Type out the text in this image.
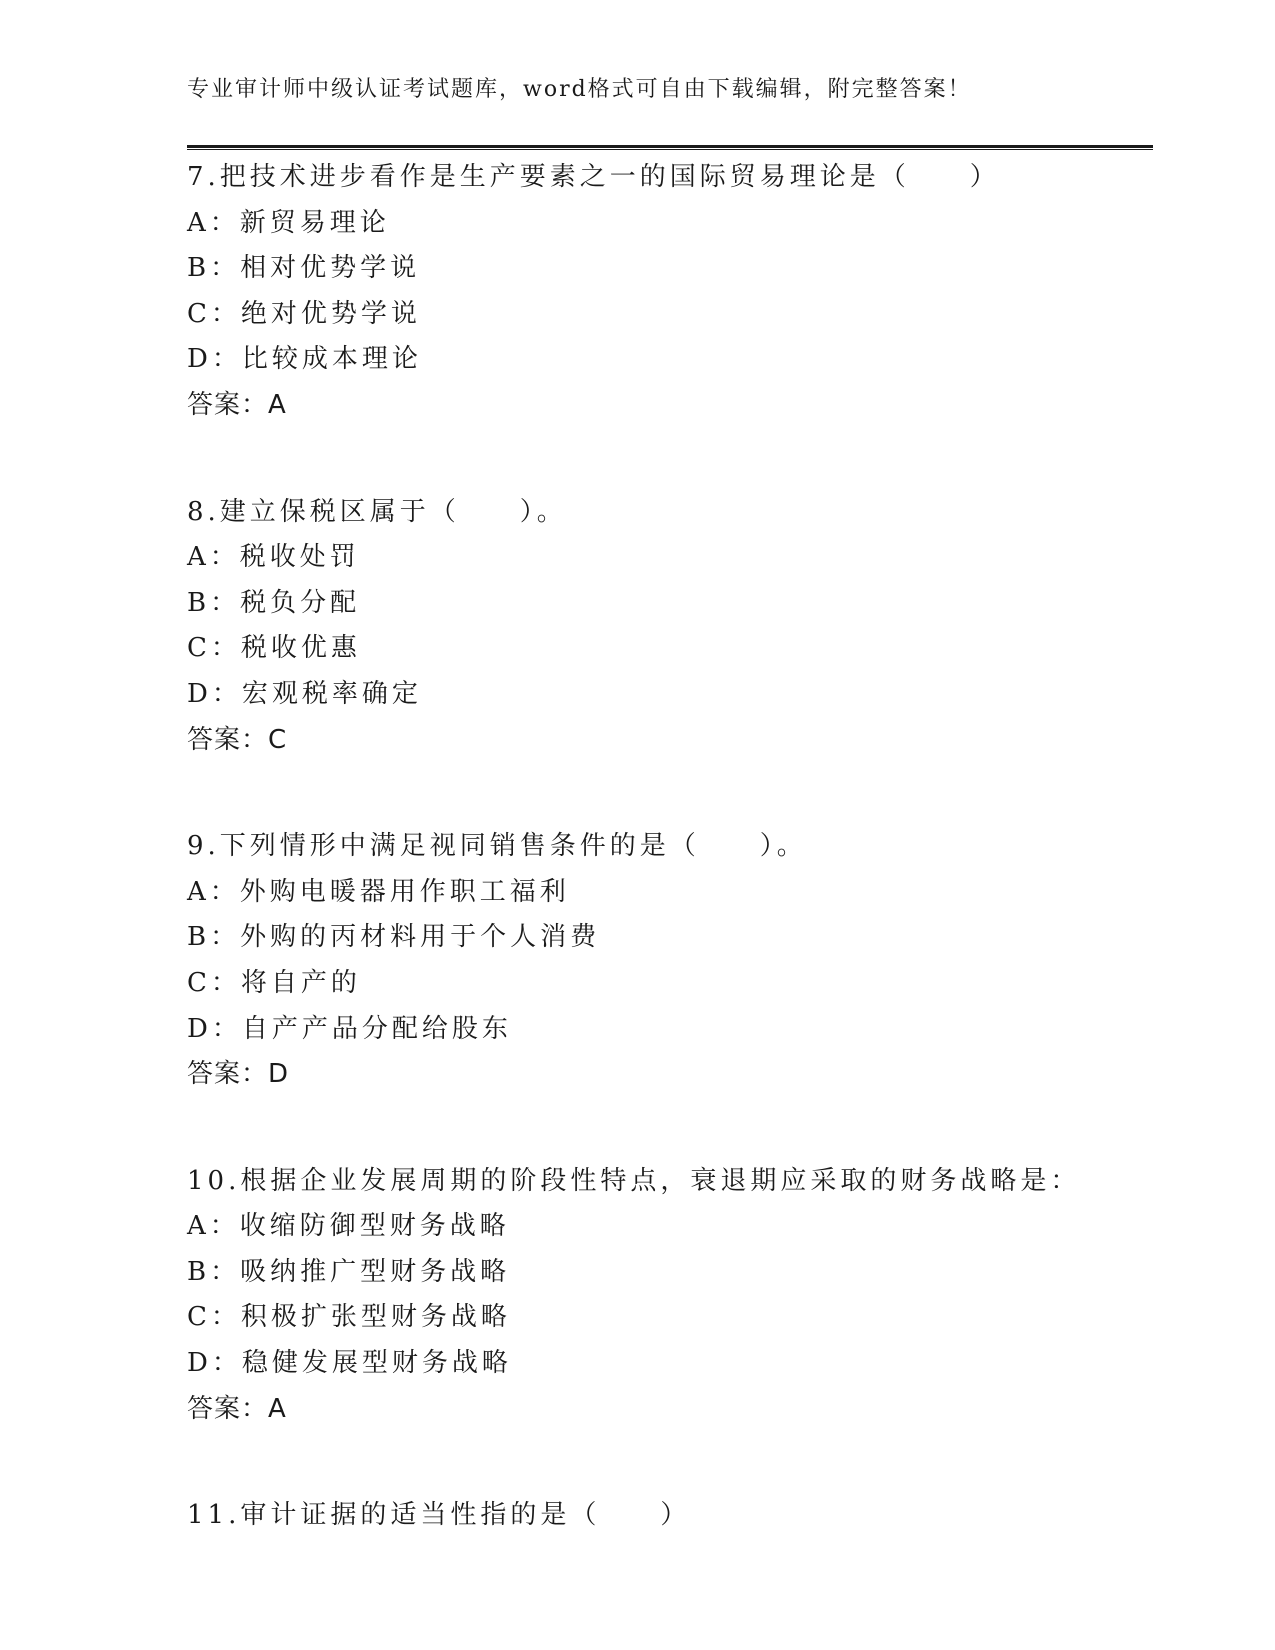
专业审计师中级认证考试题库，word格式可自由下载编辑，附完整答案！
7.把技术进步看作是生产要素之一的国际贸易理论是（　　）
A：新贸易理论
B：相对优势学说
C：绝对优势学说
D：比较成本理论
答案：A
8.建立保税区属于（　　）。
A：税收处罚
B：税负分配
C：税收优惠
D：宏观税率确定
答案：C
9.下列情形中满足视同销售条件的是（　　）。
A：外购电暖器用作职工福利
B：外购的丙材料用于个人消费
C：将自产的
D：自产产品分配给股东
答案：D
10.根据企业发展周期的阶段性特点，衰退期应采取的财务战略是：
A：收缩防御型财务战略
B：吸纳推广型财务战略
C：积极扩张型财务战略
D：稳健发展型财务战略
答案：A
11.审计证据的适当性指的是（　　）
